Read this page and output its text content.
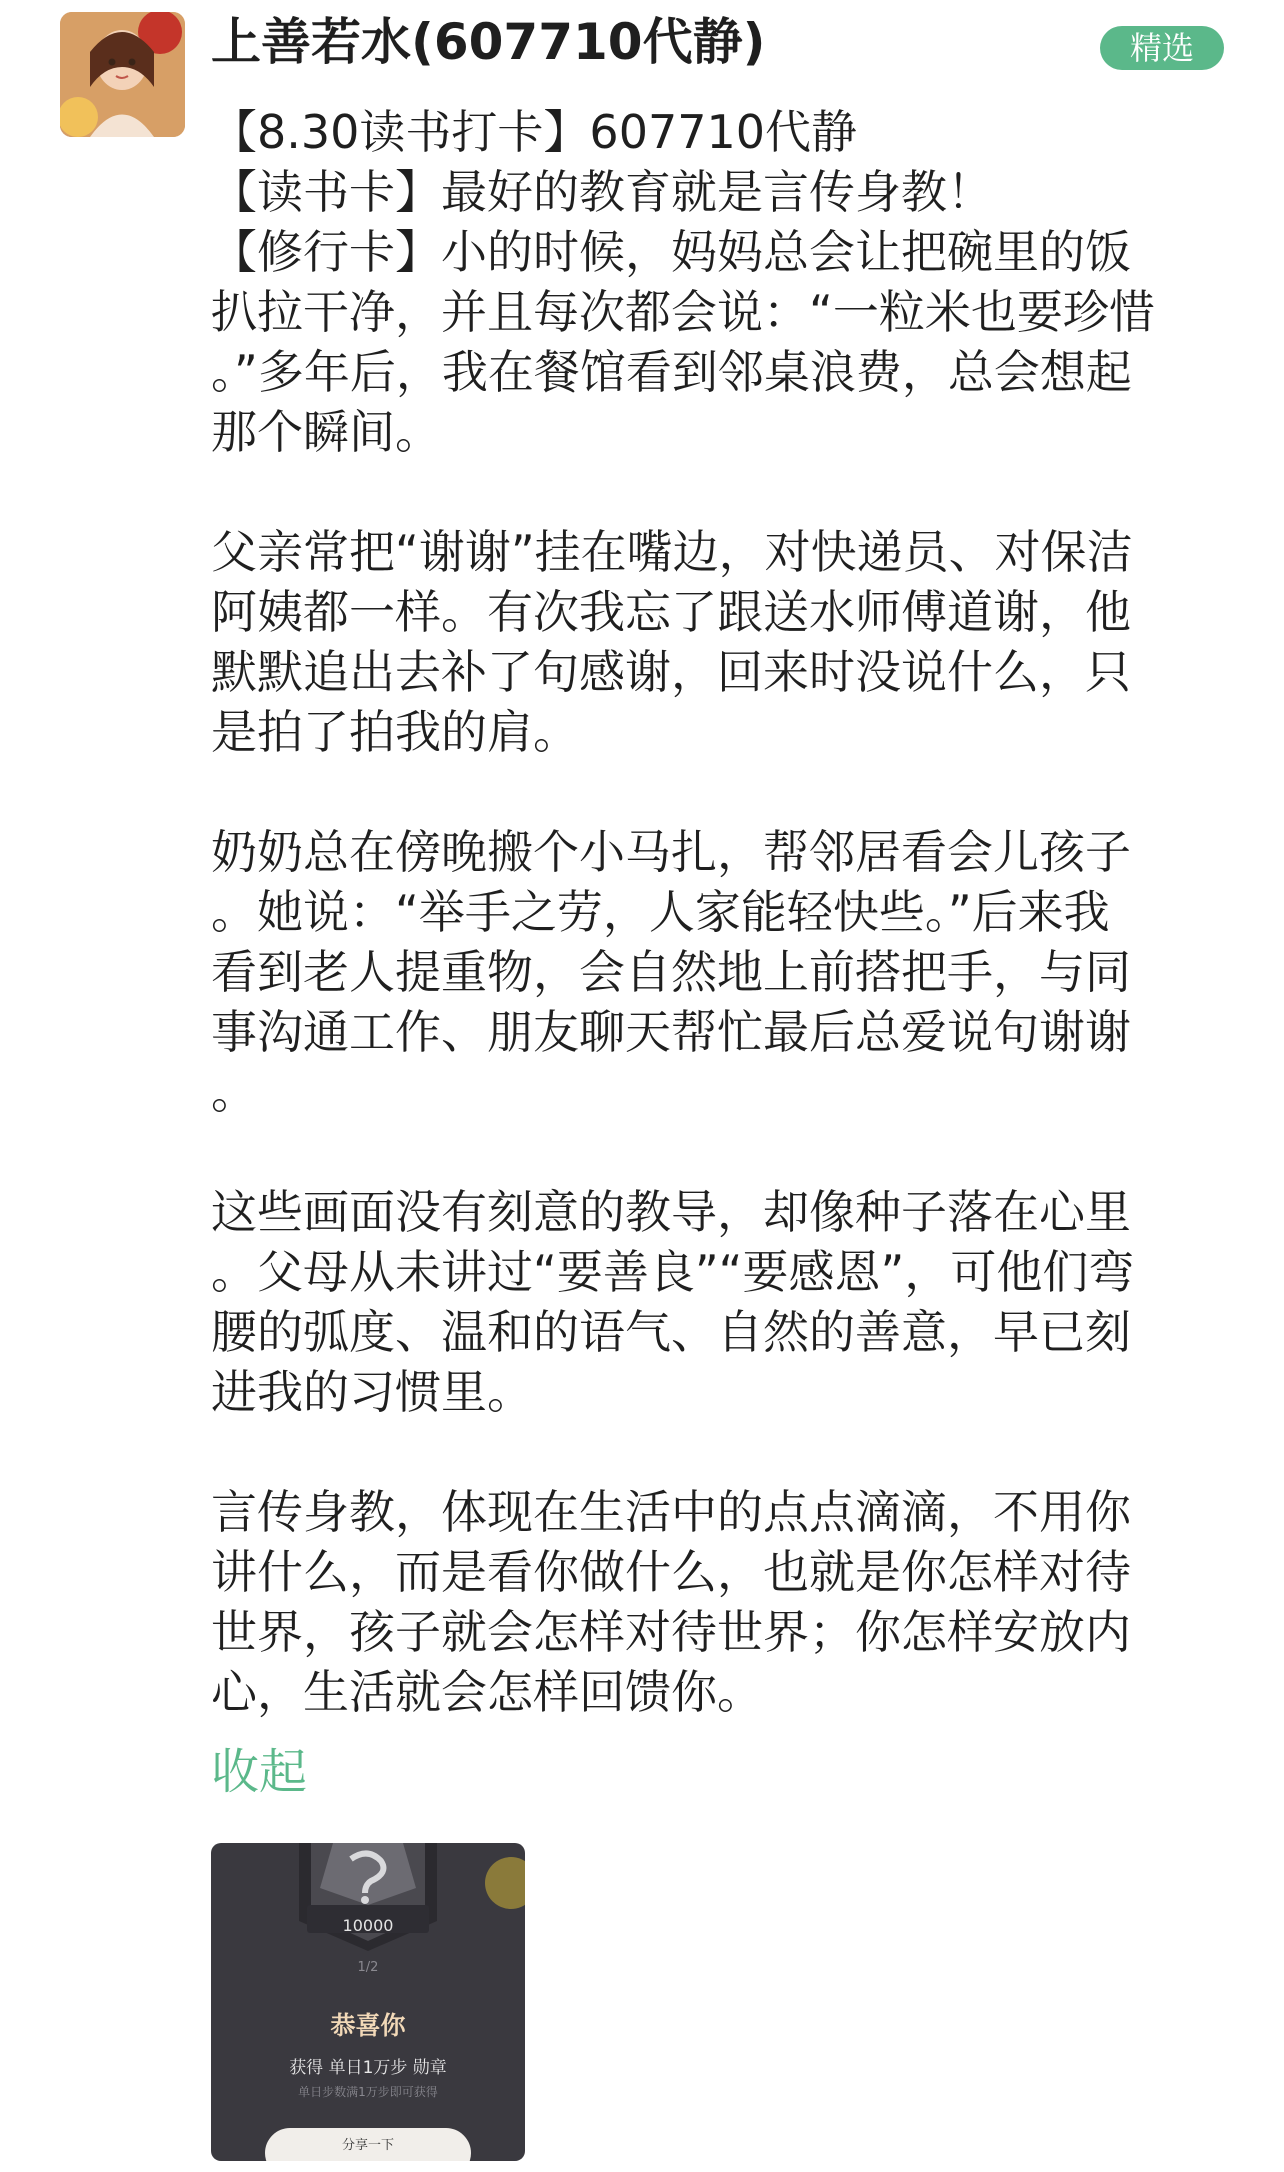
上善若水(607710代静)	精选
【8.30读书打卡】607710代静
【读书卡】最好的教育就是言传身教！
【修行卡】小的时候，妈妈总会让把碗里的饭
扒拉干净，并且每次都会说：“一粒米也要珍惜
。”多年后，我在餐馆看到邻桌浪费，总会想起
那个瞬间。
父亲常把“谢谢”挂在嘴边，对快递员、对保洁
阿姨都一样。有次我忘了跟送水师傅道谢，他
默默追出去补了句感谢，回来时没说什么，只
是拍了拍我的肩。
奶奶总在傍晚搬个小马扎，帮邻居看会儿孩子
。她说：“举手之劳，人家能轻快些。”后来我
看到老人提重物，会自然地上前搭把手，与同
事沟通工作、朋友聊天帮忙最后总爱说句谢谢
。
这些画面没有刻意的教导，却像种子落在心里
。父母从未讲过“要善良”“要感恩”，可他们弯
腰的弧度、温和的语气、自然的善意，早已刻
进我的习惯里。
言传身教，体现在生活中的点点滴滴，不用你
讲什么，而是看你做什么，也就是你怎样对待
世界，孩子就会怎样对待世界；你怎样安放内
心，生活就会怎样回馈你。
收起
10000
1/2
恭喜你
获得 单日1万步 勋章
单日步数满1万步即可获得
分享一下
